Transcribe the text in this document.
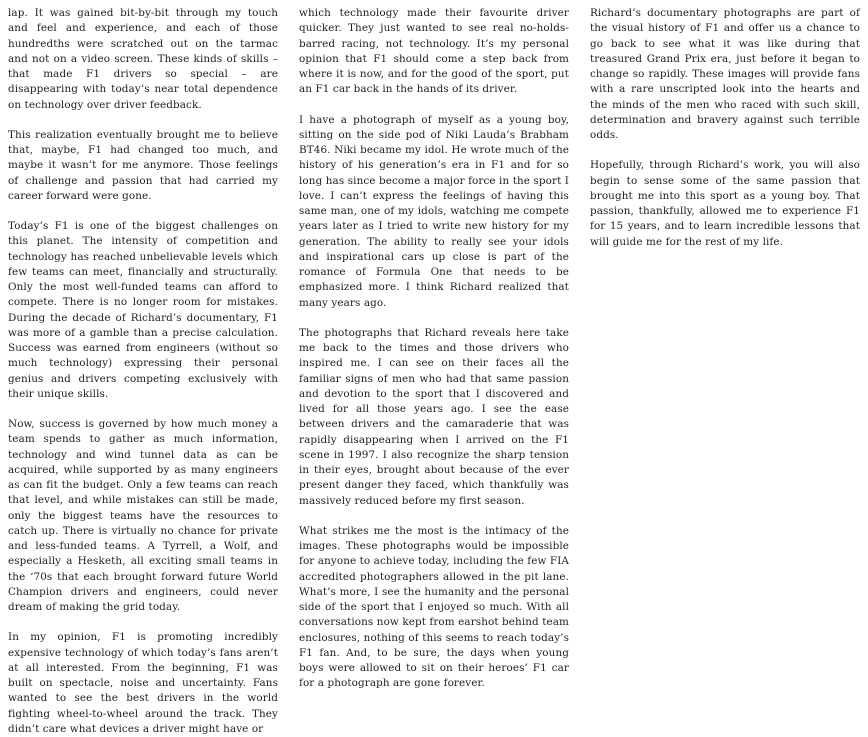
lap. It was gained bit-by-bit through my touch and feel and experience, and each of those hundredths were scratched out on the tarmac and not on a video screen. These kinds of skills – that made F1 drivers so special – are disappearing with today’s near total dependence on technology over driver feedback.

This realization eventually brought me to believe that, maybe, F1 had changed too much, and maybe it wasn’t for me anymore. Those feelings of challenge and passion that had carried my career forward were gone.

Today’s F1 is one of the biggest challenges on this planet. The intensity of competition and technology has reached unbelievable levels which few teams can meet, financially and structurally. Only the most well-funded teams can afford to compete. There is no longer room for mistakes. During the decade of Richard’s documentary, F1 was more of a gamble than a precise calculation. Success was earned from engineers (without so much technology) expressing their personal genius and drivers competing exclusively with their unique skills.

Now, success is governed by how much money a team spends to gather as much information, technology and wind tunnel data as can be acquired, while supported by as many engineers as can fit the budget. Only a few teams can reach that level, and while mistakes can still be made, only the biggest teams have the resources to catch up. There is virtually no chance for private and less-funded teams. A Tyrrell, a Wolf, and especially a Hesketh, all exciting small teams in the ‘70s that each brought forward future World Champion drivers and engineers, could never dream of making the grid today.

In my opinion, F1 is promoting incredibly expensive technology of which today’s fans aren’t at all interested. From the beginning, F1 was built on spectacle, noise and uncertainty. Fans wanted to see the best drivers in the world fighting wheel-to-wheel around the track. They didn’t care what devices a driver might have or

which technology made their favourite driver quicker. They just wanted to see real no-holds-barred racing, not technology. It’s my personal opinion that F1 should come a step back from where it is now, and for the good of the sport, put an F1 car back in the hands of its driver.

I have a photograph of myself as a young boy, sitting on the side pod of Niki Lauda’s Brabham BT46. Niki became my idol. He wrote much of the history of his generation’s era in F1 and for so long has since become a major force in the sport I love. I can’t express the feelings of having this same man, one of my idols, watching me compete years later as I tried to write new history for my generation. The ability to really see your idols and inspirational cars up close is part of the romance of Formula One that needs to be emphasized more. I think Richard realized that many years ago.

The photographs that Richard reveals here take me back to the times and those drivers who inspired me. I can see on their faces all the familiar signs of men who had that same passion and devotion to the sport that I discovered and lived for all those years ago. I see the ease between drivers and the camaraderie that was rapidly disappearing when I arrived on the F1 scene in 1997. I also recognize the sharp tension in their eyes, brought about because of the ever present danger they faced, which thankfully was massively reduced before my first season.

What strikes me the most is the intimacy of the images. These photographs would be impossible for anyone to achieve today, including the few FIA accredited photographers allowed in the pit lane. What’s more, I see the humanity and the personal side of the sport that I enjoyed so much. With all conversations now kept from earshot behind team enclosures, nothing of this seems to reach today’s F1 fan. And, to be sure, the days when young boys were allowed to sit on their heroes’ F1 car for a photograph are gone forever.

Richard’s documentary photographs are part of the visual history of F1 and offer us a chance to go back to see what it was like during that treasured Grand Prix era, just before it began to change so rapidly. These images will provide fans with a rare unscripted look into the hearts and the minds of the men who raced with such skill, determination and bravery against such terrible odds.

Hopefully, through Richard’s work, you will also begin to sense some of the same passion that brought me into this sport as a young boy. That passion, thankfully, allowed me to experience F1 for 15 years, and to learn incredible lessons that will guide me for the rest of my life.
